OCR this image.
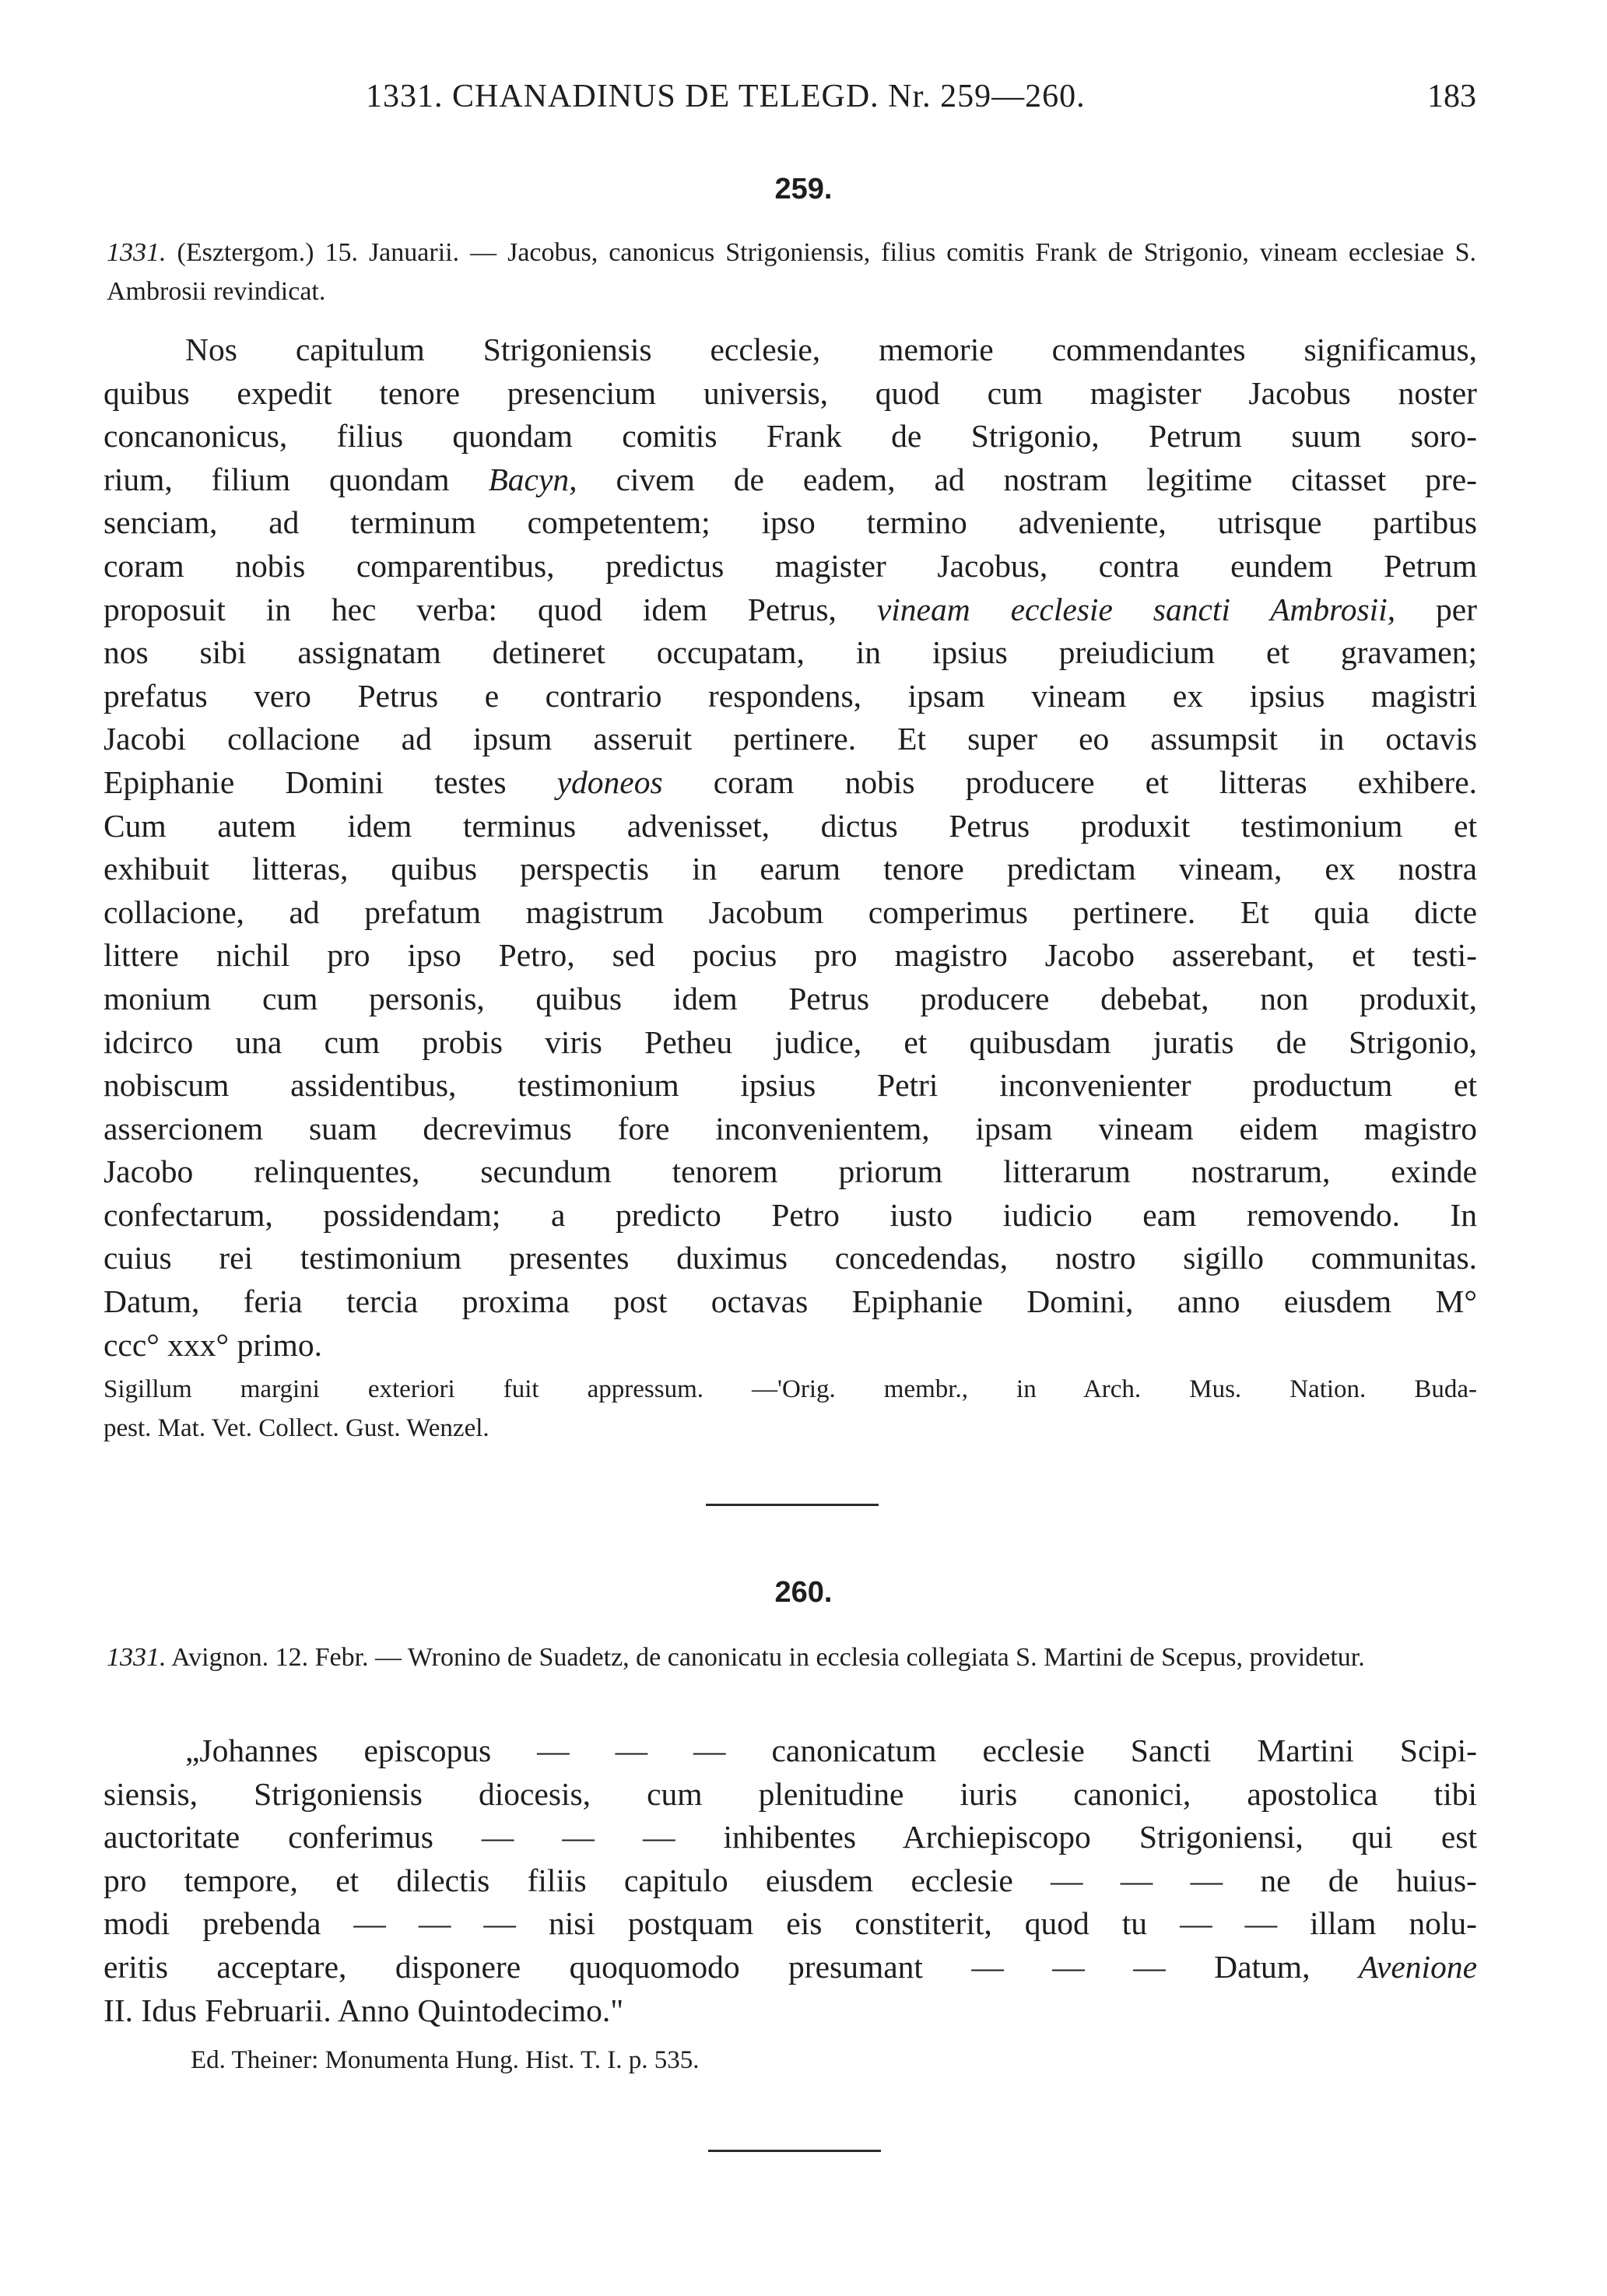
1331. CHANADINUS DE TELEGD. Nr. 259—260.	183
259.
1331. (Esztergom.) 15. Januarii. — Jacobus, canonicus Strigoniensis, filius comitis Frank de Strigonio, vineam ecclesiae S. Ambrosii revindicat.
Nos capitulum Strigoniensis ecclesie, memorie commendantes significamus,
quibus expedit tenore presencium universis, quod cum magister Jacobus noster
concanonicus, filius quondam comitis Frank de Strigonio, Petrum suum soro-
rium, filium quondam Bacyn, civem de eadem, ad nostram legitime citasset pre-
senciam, ad terminum competentem; ipso termino adveniente, utrisque partibus
coram nobis comparentibus, predictus magister Jacobus, contra eundem Petrum
proposuit in hec verba: quod idem Petrus, vineam ecclesie sancti Ambrosii, per
nos sibi assignatam detineret occupatam, in ipsius preiudicium et gravamen;
prefatus vero Petrus e contrario respondens, ipsam vineam ex ipsius magistri
Jacobi collacione ad ipsum asseruit pertinere. Et super eo assumpsit in octavis
Epiphanie Domini testes ydoneos coram nobis producere et litteras exhibere.
Cum autem idem terminus advenisset, dictus Petrus produxit testimonium et
exhibuit litteras, quibus perspectis in earum tenore predictam vineam, ex nostra
collacione, ad prefatum magistrum Jacobum comperimus pertinere. Et quia dicte
littere nichil pro ipso Petro, sed pocius pro magistro Jacobo asserebant, et testi-
monium cum personis, quibus idem Petrus producere debebat, non produxit,
idcirco una cum probis viris Petheu judice, et quibusdam juratis de Strigonio,
nobiscum assidentibus, testimonium ipsius Petri inconvenienter productum et
assercionem suam decrevimus fore inconvenientem, ipsam vineam eidem magistro
Jacobo relinquentes, secundum tenorem priorum litterarum nostrarum, exinde
confectarum, possidendam; a predicto Petro iusto iudicio eam removendo. In
cuius rei testimonium presentes duximus concedendas, nostro sigillo communitas.
Datum, feria tercia proxima post octavas Epiphanie Domini, anno eiusdem M°
ccc° xxx° primo.
Sigillum margini exteriori fuit appressum. —'Orig. membr., in Arch. Mus. Nation. Buda-
pest. Mat. Vet. Collect. Gust. Wenzel.
260.
1331. Avignon. 12. Febr. — Wronino de Suadetz, de canonicatu in ecclesia collegiata S. Martini de Scepus, providetur.
„Johannes episcopus — — — canonicatum ecclesie Sancti Martini Scipi-
siensis, Strigoniensis diocesis, cum plenitudine iuris canonici, apostolica tibi
auctoritate conferimus — — — inhibentes Archiepiscopo Strigoniensi, qui est
pro tempore, et dilectis filiis capitulo eiusdem ecclesie — — — ne de huius-
modi prebenda — — — nisi postquam eis constiterit, quod tu — — illam nolu-
eritis acceptare, disponere quoquomodo presumant — — — Datum, Avenione
II. Idus Februarii. Anno Quintodecimo."
Ed. Theiner: Monumenta Hung. Hist. T. I. p. 535.
